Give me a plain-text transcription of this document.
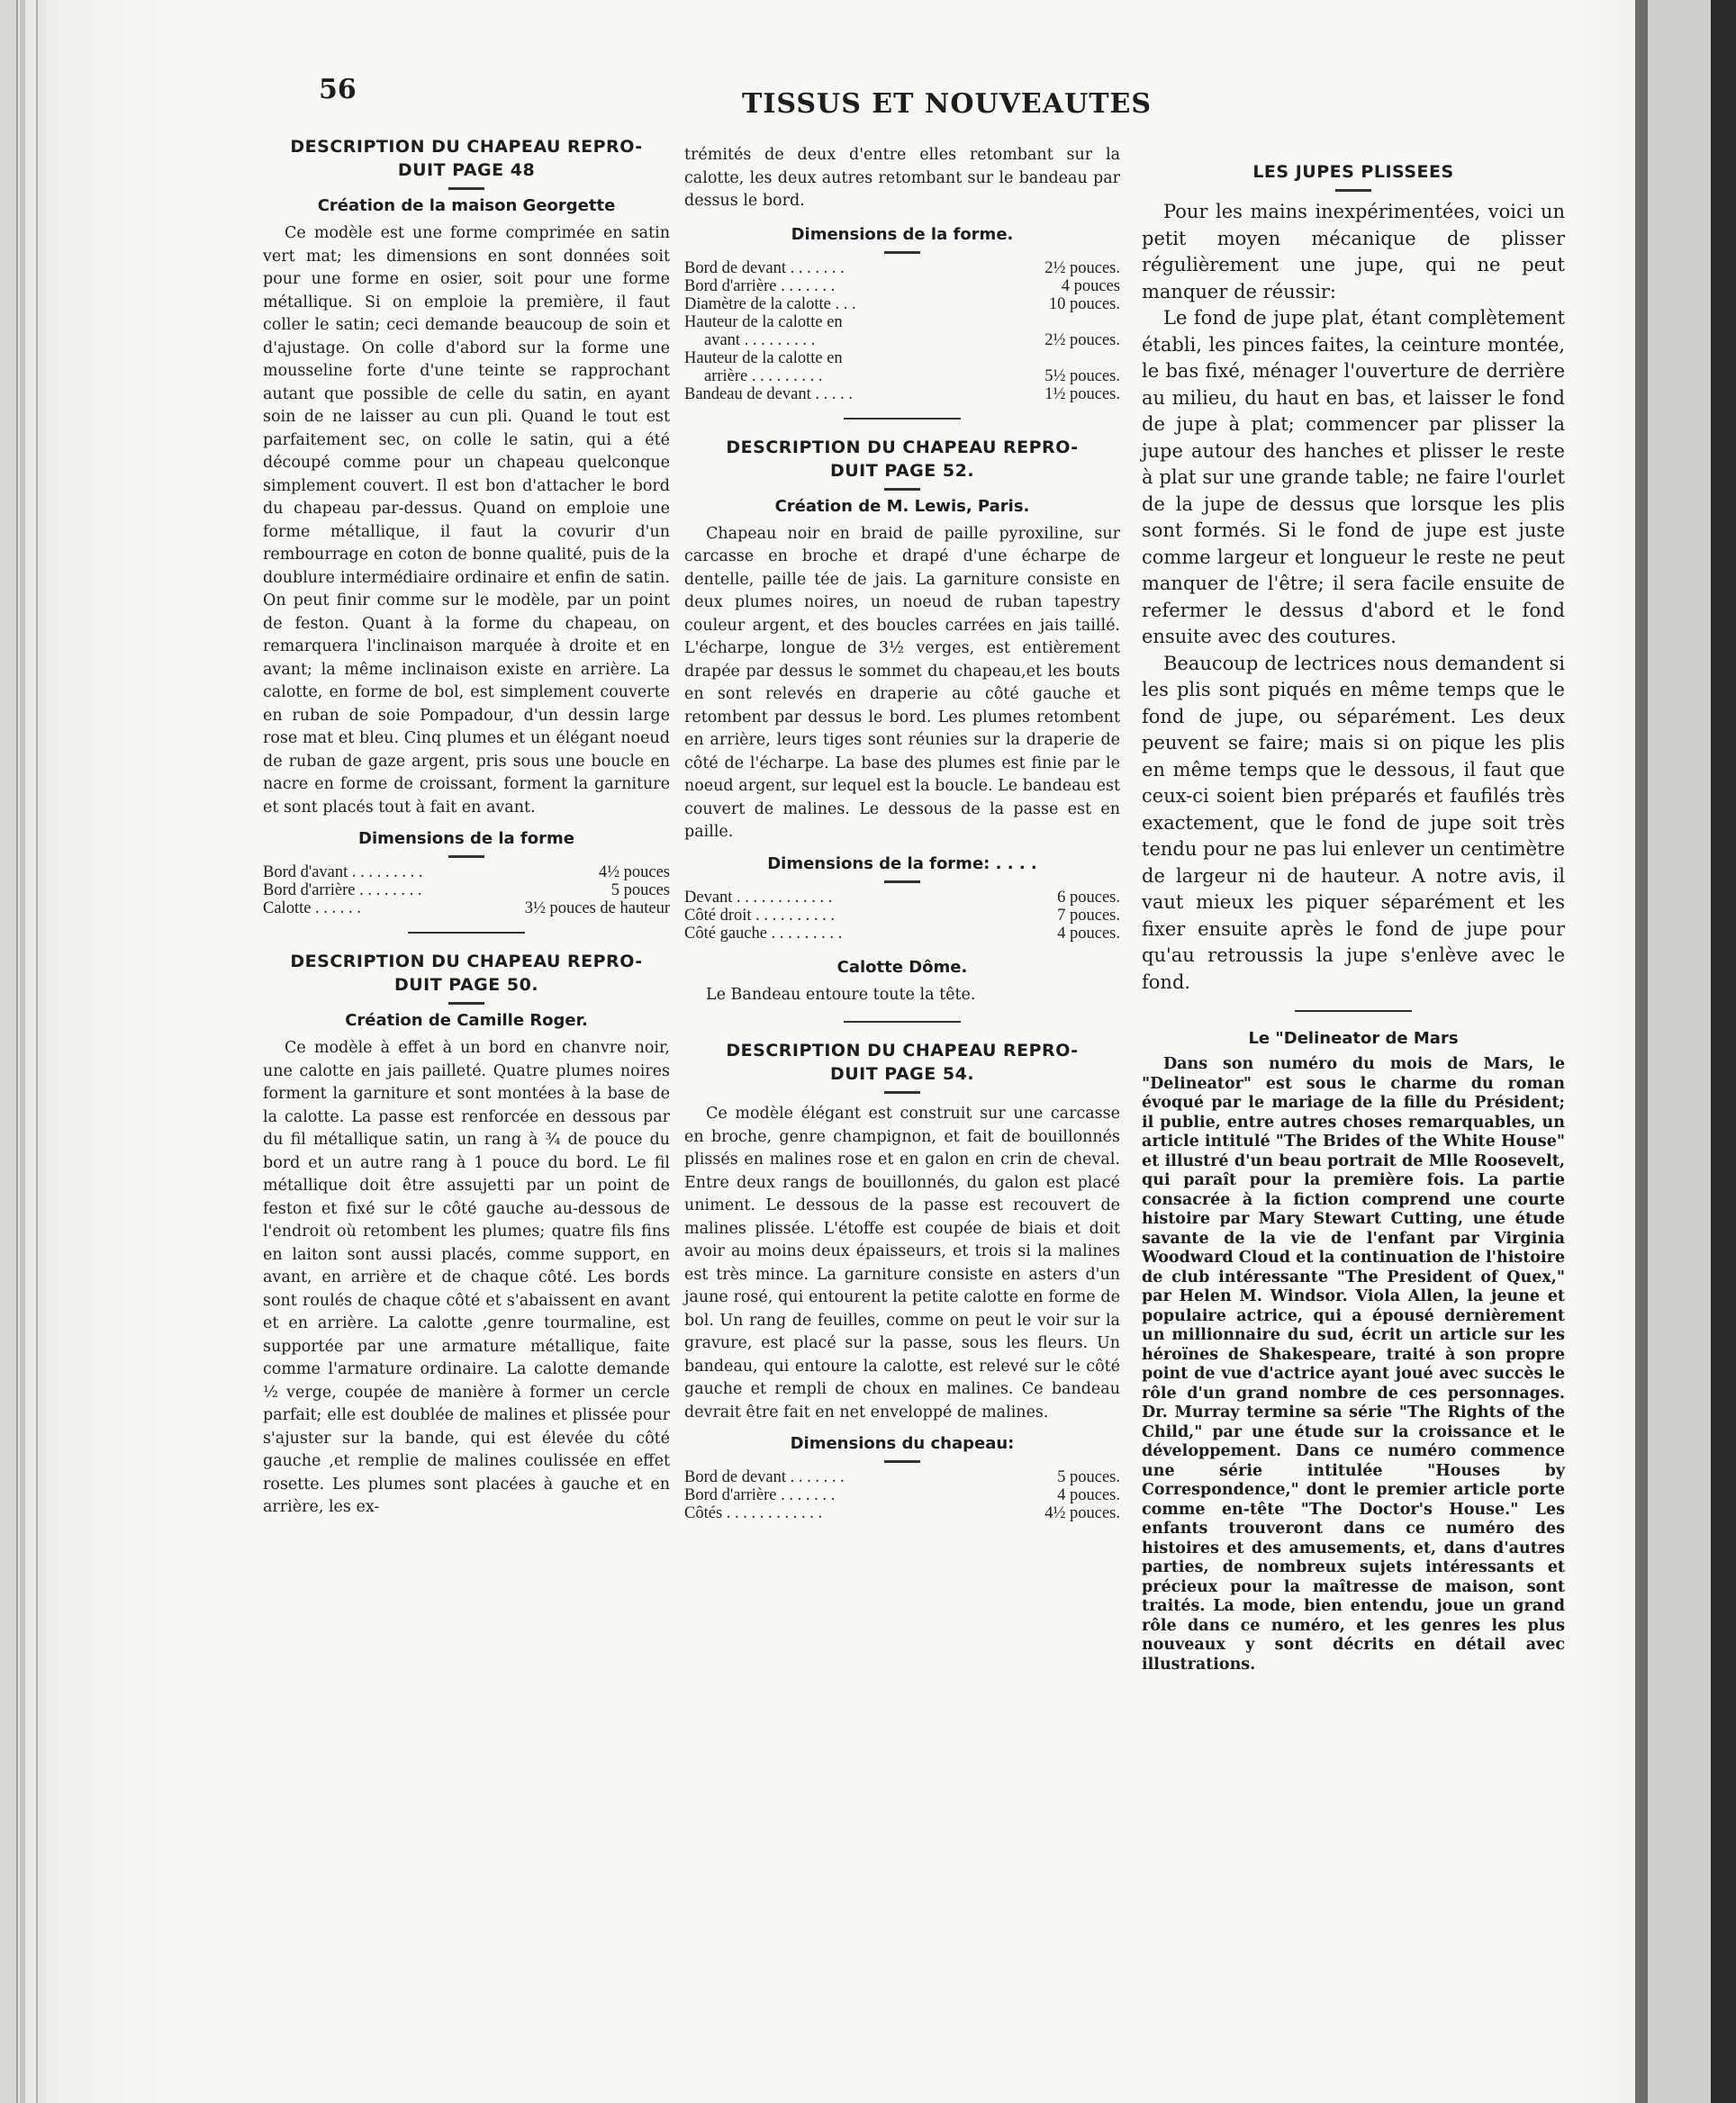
56	TISSUS ET NOUVEAUTES
DESCRIPTION DU CHAPEAU REPRO-
DUIT PAGE 48
Création de la maison Georgette

Ce modèle est une forme comprimée en satin vert mat; les dimensions en sont données soit pour une forme en osier, soit pour une forme métallique. Si on emploie la première, il faut coller le satin; ceci demande beaucoup de soin et d'ajustage. On colle d'abord sur la forme une mousseline forte d'une teinte se rapprochant autant que possible de celle du satin, en ayant soin de ne laisser au cun pli. Quand le tout est parfaitement sec, on colle le satin, qui a été découpé comme pour un chapeau quelconque simplement couvert. Il est bon d'attacher le bord du chapeau par-dessus. Quand on emploie une forme métallique, il faut la covurir d'un rembourrage en coton de bonne qualité, puis de la doublure intermédiaire ordinaire et enfin de satin. On peut finir comme sur le modèle, par un point de feston. Quant à la forme du chapeau, on remarquera l'inclinaison marquée à droite et en avant; la même inclinaison existe en arrière. La calotte, en forme de bol, est simplement couverte en ruban de soie Pompadour, d'un dessin large rose mat et bleu. Cinq plumes et un élégant noeud de ruban de gaze argent, pris sous une boucle en nacre en forme de croissant, forment la garniture et sont placés tout à fait en avant.

Dimensions de la forme
Bord d'avant . . . . . . . . .	4½ pouces
Bord d'arrière . . . . . . . .	5 pouces
Calotte . . . . . .	3½ pouces de hauteur
DESCRIPTION DU CHAPEAU REPRO-
DUIT PAGE 50.
Création de Camille Roger.

Ce modèle à effet à un bord en chanvre noir, une calotte en jais pailleté. Quatre plumes noires forment la garniture et sont montées à la base de la calotte. La passe est renforcée en dessous par du fil métallique satin, un rang à ¾ de pouce du bord et un autre rang à 1 pouce du bord. Le fil métallique doit être assujetti par un point de feston et fixé sur le côté gauche au-dessous de l'endroit où retombent les plumes; quatre fils fins en laiton sont aussi placés, comme support, en avant, en arrière et de chaque côté. Les bords sont roulés de chaque côté et s'abaissent en avant et en arrière. La calotte ,genre tourmaline, est supportée par une armature métallique, faite comme l'armature ordinaire. La calotte demande ½ verge, coupée de manière à former un cercle parfait; elle est doublée de malines et plissée pour s'ajuster sur la bande, qui est élevée du côté gauche ,et remplie de malines coulissée en effet rosette. Les plumes sont placées à gauche et en arrière, les ex-

trémités de deux d'entre elles retombant sur la calotte, les deux autres retombant sur le bandeau par dessus le bord.

Dimensions de la forme.
Bord de devant . . . . . . .	2½ pouces.
Bord d'arrière . . . . . . .	4 pouces
Diamètre de la calotte . . .	10 pouces.
Hauteur de la calotte en
avant . . . . . . . . .	2½ pouces.
Hauteur de la calotte en
arrière . . . . . . . . .	5½ pouces.
Bandeau de devant . . . . .	1½ pouces.
DESCRIPTION DU CHAPEAU REPRO-
DUIT PAGE 52.
Création de M. Lewis, Paris.

Chapeau noir en braid de paille pyroxiline, sur carcasse en broche et drapé d'une écharpe de dentelle, paille tée de jais. La garniture consiste en deux plumes noires, un noeud de ruban tapestry couleur argent, et des boucles carrées en jais taillé. L'écharpe, longue de 3½ verges, est entièrement drapée par dessus le sommet du chapeau,et les bouts en sont relevés en draperie au côté gauche et retombent par dessus le bord. Les plumes retombent en arrière, leurs tiges sont réunies sur la draperie de côté de l'écharpe. La base des plumes est finie par le noeud argent, sur lequel est la boucle. Le bandeau est couvert de malines. Le dessous de la passe est en paille.

Dimensions de la forme: . . . .
Devant . . . . . . . . . . . .	6 pouces.
Côté droit . . . . . . . . . .	7 pouces.
Côté gauche . . . . . . . . .	4 pouces.
Calotte Dôme.

Le Bandeau entoure toute la tête.

DESCRIPTION DU CHAPEAU REPRO-
DUIT PAGE 54.

Ce modèle élégant est construit sur une carcasse en broche, genre champignon, et fait de bouillonnés plissés en malines rose et en galon en crin de cheval. Entre deux rangs de bouillonnés, du galon est placé uniment. Le dessous de la passe est recouvert de malines plissée. L'étoffe est coupée de biais et doit avoir au moins deux épaisseurs, et trois si la malines est très mince. La garniture consiste en asters d'un jaune rosé, qui entourent la petite calotte en forme de bol. Un rang de feuilles, comme on peut le voir sur la gravure, est placé sur la passe, sous les fleurs. Un bandeau, qui entoure la calotte, est relevé sur le côté gauche et rempli de choux en malines. Ce bandeau devrait être fait en net enveloppé de malines.

Dimensions du chapeau:
Bord de devant . . . . . . .	5 pouces.
Bord d'arrière . . . . . . .	4 pouces.
Côtés . . . . . . . . . . . .	4½ pouces.
LES JUPES PLISSEES

Pour les mains inexpérimentées, voici un petit moyen mécanique de plisser régulièrement une jupe, qui ne peut manquer de réussir:

Le fond de jupe plat, étant complètement établi, les pinces faites, la ceinture montée, le bas fixé, ménager l'ouverture de derrière au milieu, du haut en bas, et laisser le fond de jupe à plat; commencer par plisser la jupe autour des hanches et plisser le reste à plat sur une grande table; ne faire l'ourlet de la jupe de dessus que lorsque les plis sont formés. Si le fond de jupe est juste comme largeur et longueur le reste ne peut manquer de l'être; il sera facile ensuite de refermer le dessus d'abord et le fond ensuite avec des coutures.

Beaucoup de lectrices nous demandent si les plis sont piqués en même temps que le fond de jupe, ou séparément. Les deux peuvent se faire; mais si on pique les plis en même temps que le dessous, il faut que ceux-ci soient bien préparés et faufilés très exactement, que le fond de jupe soit très tendu pour ne pas lui enlever un centimètre de largeur ni de hauteur. A notre avis, il vaut mieux les piquer séparément et les fixer ensuite après le fond de jupe pour qu'au retroussis la jupe s'enlève avec le fond.

Le "Delineator de Mars

Dans son numéro du mois de Mars, le "Delineator" est sous le charme du roman évoqué par le mariage de la fille du Président; il publie, entre autres choses remarquables, un article intitulé "The Brides of the White House" et illustré d'un beau portrait de Mlle Roosevelt, qui paraît pour la première fois. La partie consacrée à la fiction comprend une courte histoire par Mary Stewart Cutting, une étude savante de la vie de l'enfant par Virginia Woodward Cloud et la continuation de l'histoire de club intéressante "The President of Quex," par Helen M. Windsor. Viola Allen, la jeune et populaire actrice, qui a épousé dernièrement un millionnaire du sud, écrit un article sur les héroïnes de Shakespeare, traité à son propre point de vue d'actrice ayant joué avec succès le rôle d'un grand nombre de ces personnages. Dr. Murray termine sa série "The Rights of the Child," par une étude sur la croissance et le développement. Dans ce numéro commence une série intitulée "Houses by Correspondence," dont le premier article porte comme en-tête "The Doctor's House." Les enfants trouveront dans ce numéro des histoires et des amusements, et, dans d'autres parties, de nombreux sujets intéressants et précieux pour la maîtresse de maison, sont traités. La mode, bien entendu, joue un grand rôle dans ce numéro, et les genres les plus nouveaux y sont décrits en détail avec illustrations.
